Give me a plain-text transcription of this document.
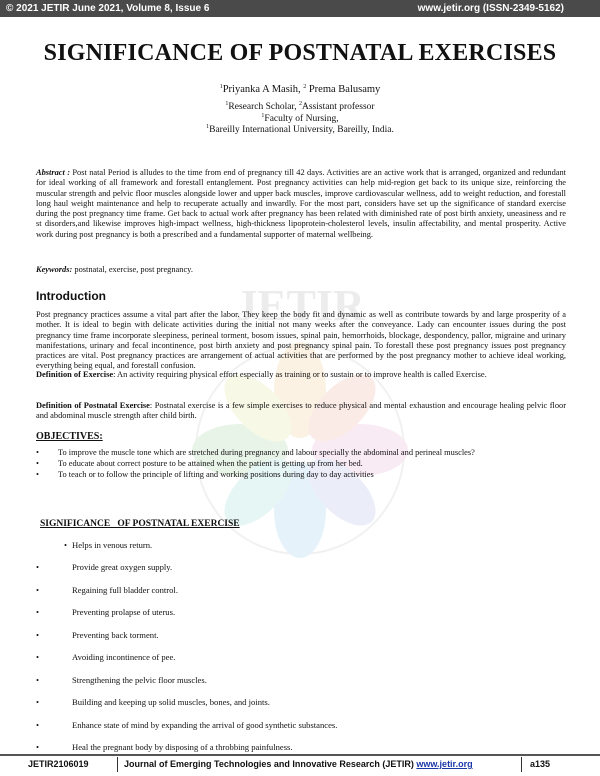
© 2021 JETIR June 2021, Volume 8, Issue 6	www.jetir.org (ISSN-2349-5162)
JETIR
SIGNIFICANCE OF POSTNATAL EXERCISES
$^1$Priyanka A Masih, $^2$ Prema Balusamy
$^1$Research Scholar, $^2$Assistant professor
$^1$Faculty of Nursing,
$^1$Bareilly International University, Bareilly, India.
Abstract : Post natal Period is alludes to the time from end of pregnancy till 42 days. Activities are an active work that is arranged, organized and redundant for ideal working of all framework and forestall entanglement. Post pregnancy activities can help mid-region get back to its unique size, reinforcing the muscular strength and pelvic floor muscles alongside lower and upper back muscles, improve cardiovascular wellness, add to weight reduction, and forestall long haul weight maintenance and help to recuperate actually and inwardly. For the most part, considers have set up the significance of standard exercise during the post pregnancy time frame. Get back to actual work after pregnancy has been related with diminished rate of post birth anxiety, uneasiness and re st disorders,and likewise improves high-impact wellness, high-thickness lipoprotein-cholesterol levels, insulin affectability, and mental prosperity. Active work during post pregnancy is both a prescribed and a fundamental supporter of maternal wellbeing.
Keywords: postnatal, exercise, post pregnancy.
Introduction
Post pregnancy practices assume a vital part after the labor. They keep the body fit and dynamic as well as contribute towards by and large prosperity of a mother. It is ideal to begin with delicate activities during the initial not many weeks after the conveyance. Lady can encounter issues during the post pregnancy time frame incorporate sleepiness, perineal torment, bosom issues, spinal pain, hemorrhoids, blockage, despondency, pallor, migraine and urinary manifestations, urinary and fecal incontinence, post birth anxiety and post pregnancy spinal pain. To forestall these post pregnancy issues post pregnancy practices are vital. Post pregnancy practices are arrangement of actual activities that are performed by the post pregnancy mother to achieve ideal working, everything being equal, and forestall confusion.
Definition of Exercise: An activity requiring physical effort especially as training or to sustain or to improve health is called Exercise.
Definition of Postnatal Exercise: Postnatal exercise is a few simple exercises to reduce physical and mental exhaustion and encourage healing pelvic floor and abdominal muscle strength after child birth.
OBJECTIVES:
• To improve the muscle tone which are stretched during pregnancy and labour specially the abdominal and perineal muscles?
• To educate about correct posture to be attained when the patient is getting up from her bed.
• To teach or to follow the principle of lifting and working positions during day to day activities
SIGNIFICANCE   OF POSTNATAL EXERCISE
• Helps in venous return.
•	Provide great oxygen supply.
•	Regaining full bladder control.
•	Preventing prolapse of uterus.
•	Preventing back torment.
•	Avoiding incontinence of pee.
•	Strengthening the pelvic floor muscles.
•	Building and keeping up solid muscles, bones, and joints.
•	Enhance state of mind by expanding the arrival of good synthetic substances.
•	Heal the pregnant body by disposing of a throbbing painfulness.
JETIR2106019	Journal of Emerging Technologies and Innovative Research (JETIR) www.jetir.org	a135
